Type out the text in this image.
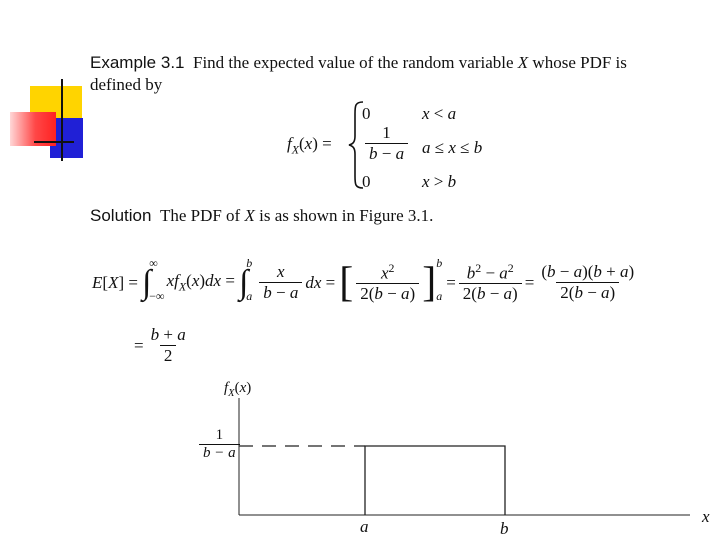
Example 3.1 Find the expected value of the random variable X whose PDF is
defined by
$f_X(x)$ =
0	x < a
$\frac{1}{b - a}$ a ≤ x ≤ b
0	x > b
Solution The PDF of X is as shown in Figure 3.1.
E[X] = ∫
∞
−∞
$xf_X(x)dx$ = ∫
b
a $\frac{x}{b - a}$ dx = [ $\frac{x^2}{2(b - a)}$ ] b
a
= $\frac{b^2 - a^2}{2(b - a)} = \frac{(b - a)(b + a)}{2(b - a)}$
= $\frac{b + a}{2}$
$f_X(x)$
$\frac{1}{b - a}$
a	b
x
